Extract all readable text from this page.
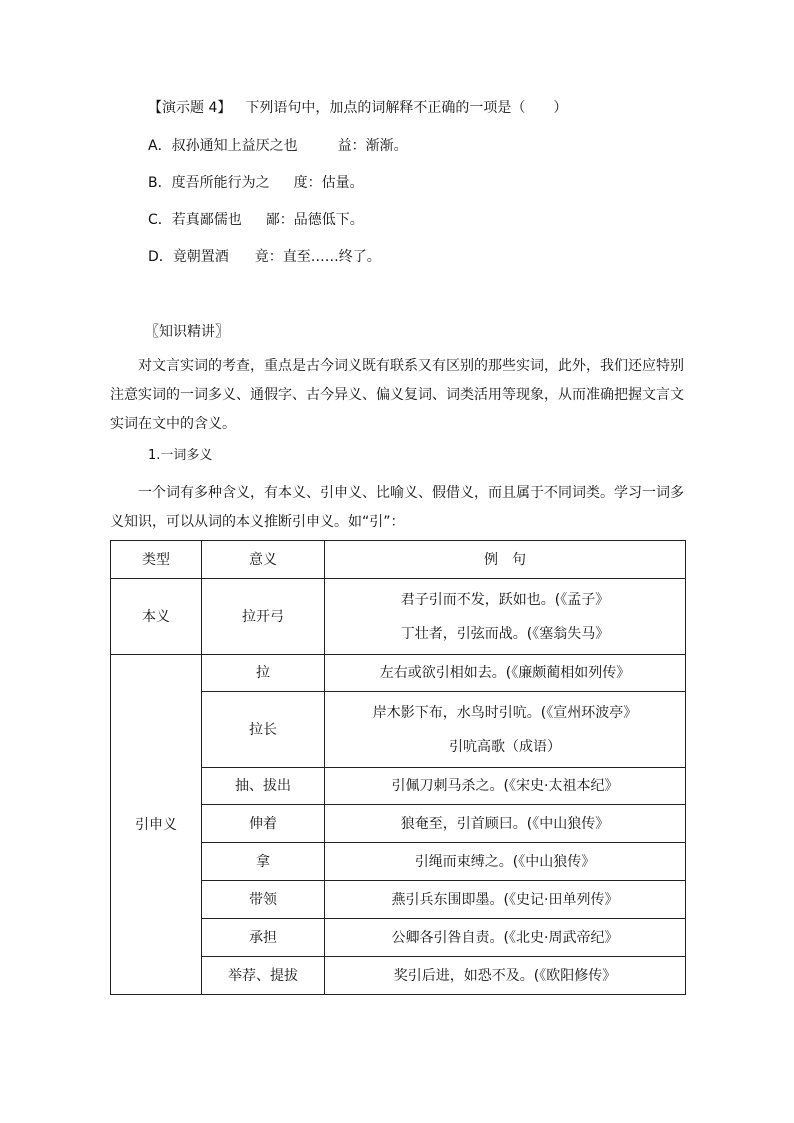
【演示题 4】 下列语句中，加点的词解释不正确的一项是（　　）
A．叔孙通知上益厌之也	益：渐渐。
B．度吾所能行为之 度：估量。
C．若真鄙儒也 鄙：品德低下。
D．竟朝置酒 竟：直至……终了。
〖知识精讲〗
对文言实词的考查，重点是古今词义既有联系又有区别的那些实词，此外，我们还应特别注意实词的一词多义、通假字、古今异义、偏义复词、词类活用等现象，从而准确把握文言文实词在文中的含义。
1.一词多义
一个词有多种含义，有本义、引申义、比喻义、假借义，而且属于不同词类。学习一词多义知识，可以从词的本义推断引申义。如“引”：
类型	意义	例　句
本义	拉开弓	君子引而不发，跃如也。(《孟子》
丁壮者，引弦而战。(《塞翁失马》

引申义	拉	左右或欲引相如去。(《廉颇蔺相如列传》
	拉长	岸木影下布，水鸟时引吭。(《宣州环波亭》
引吭高歌（成语）

	抽、拔出	引佩刀刺马杀之。(《宋史·太祖本纪》
	伸着	狼奄至，引首顾曰。(《中山狼传》
	拿	引绳而束缚之。(《中山狼传》
	带领	燕引兵东围即墨。(《史记·田单列传》
	承担	公卿各引咎自责。(《北史·周武帝纪》
	举荐、提拔	奖引后进，如恐不及。(《欧阳修传》
